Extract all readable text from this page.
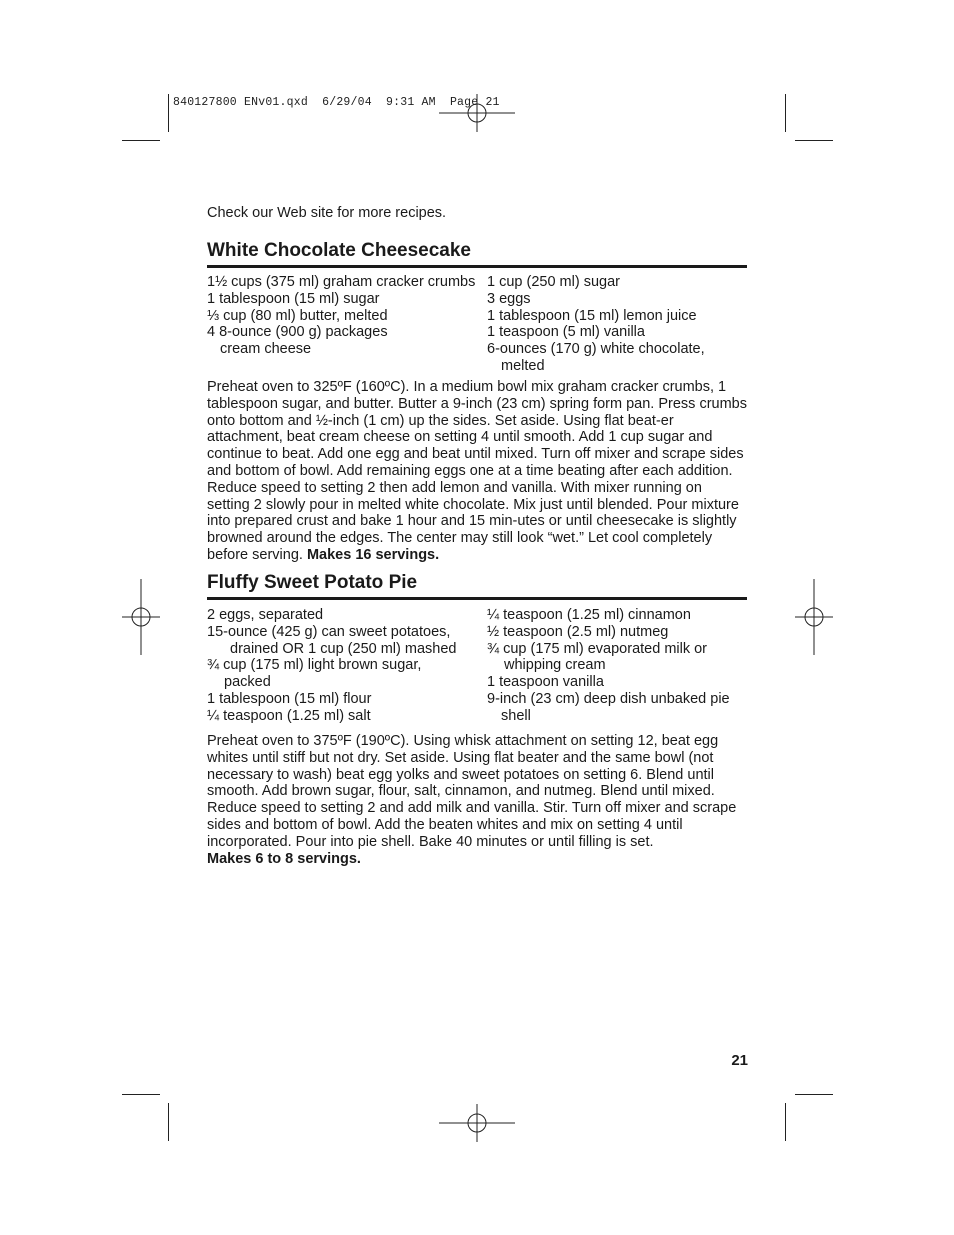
840127800 ENv01.qxd  6/29/04  9:31 AM  Page 21
Check our Web site for more recipes.
White Chocolate Cheesecake

1½ cups (375 ml) graham cracker crumbs

1 tablespoon (15 ml) sugar

⅓ cup (80 ml) butter, melted

4 8-ounce (900 g) packages cream cheese

1 cup (250 ml) sugar

3 eggs

1 tablespoon (15 ml) lemon juice

1 teaspoon (5 ml) vanilla

6-ounces (170 g) white chocolate, melted

Preheat oven to 325ºF (160ºC). In a medium bowl mix graham cracker crumbs, 1 tablespoon sugar, and butter. Butter a 9-inch (23 cm) spring form pan. Press crumbs onto bottom and ½-inch (1 cm) up the sides. Set aside. Using flat beat-er attachment, beat cream cheese on setting 4 until smooth. Add 1 cup sugar and continue to beat. Add one egg and beat until mixed. Turn off mixer and scrape sides and bottom of bowl. Add remaining eggs one at a time beating after each addition. Reduce speed to setting 2 then add lemon and vanilla. With mixer running on setting 2 slowly pour in melted white chocolate. Mix just until blended. Pour mixture into prepared crust and bake 1 hour and 15 min-utes or until cheesecake is slightly browned around the edges. The center may still look “wet.” Let cool completely before serving. Makes 16 servings.
Fluffy Sweet Potato Pie

2 eggs, separated

15-ounce (425 g) can sweet potatoes, drained OR 1 cup (250 ml) mashed

¾ cup (175 ml) light brown sugar, packed

1 tablespoon (15 ml) flour

¼ teaspoon (1.25 ml) salt

¼ teaspoon (1.25 ml) cinnamon

½ teaspoon (2.5 ml) nutmeg

¾ cup (175 ml) evaporated milk or whipping cream

1 teaspoon vanilla

9-inch (23 cm) deep dish unbaked pie shell

Preheat oven to 375ºF (190ºC). Using whisk attachment on setting 12, beat egg whites until stiff but not dry. Set aside. Using flat beater and the same bowl (not necessary to wash) beat egg yolks and sweet potatoes on setting 6. Blend until smooth. Add brown sugar, flour, salt, cinnamon, and nutmeg. Blend until mixed. Reduce speed to setting 2 and add milk and vanilla. Stir. Turn off mixer and scrape sides and bottom of bowl. Add the beaten whites and mix on setting 4 until incorporated. Pour into pie shell. Bake 40 minutes or until filling is set.
Makes 6 to 8 servings.
21
